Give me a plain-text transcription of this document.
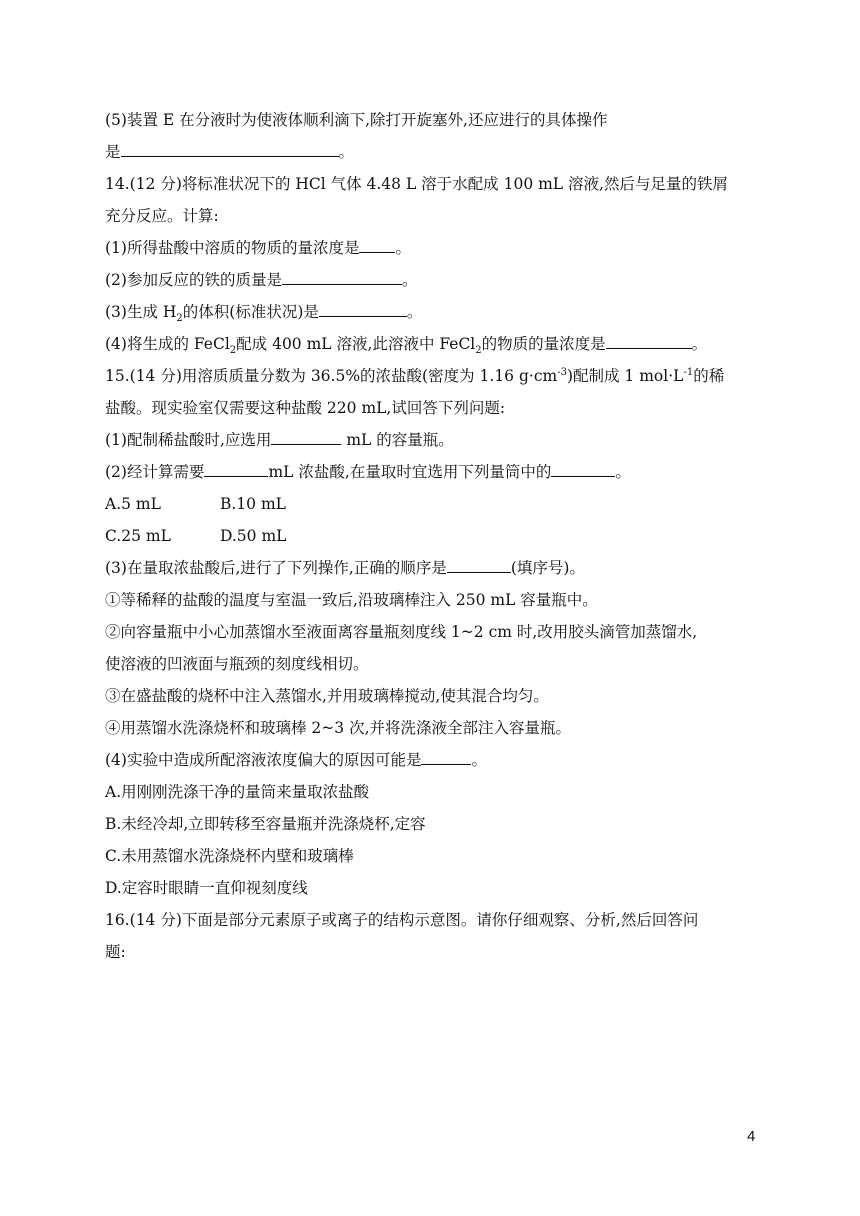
(5)装置 E 在分液时为使液体顺利滴下,除打开旋塞外,还应进行的具体操作
是	。
14.(12 分)将标准状况下的 HCl 气体 4.48 L 溶于水配成 100 mL 溶液,然后与足量的铁屑
充分反应。计算:
(1)所得盐酸中溶质的物质的量浓度是 。
(2)参加反应的铁的质量是	。
(3)生成 $H_2$的体积(标准状况)是	。
(4)将生成的 FeCl$_2$配成 400 mL 溶液,此溶液中 FeCl$_2$的物质的量浓度是	。
15.(14 分)用溶质质量分数为 36.5%的浓盐酸(密度为 1.16 $g\cdot cm^{-3}$)配制成 1 $mol\cdot L^{-1}$的稀
盐酸。现实验室仅需要这种盐酸 220 mL,试回答下列问题:
(1)配制稀盐酸时,应选用	mL 的容量瓶。
(2)经计算需要	mL 浓盐酸,在量取时宜选用下列量筒中的	。
A.5 mL	B.10 mL
C.25 mL	D.50 mL
(3)在量取浓盐酸后,进行了下列操作,正确的顺序是	(填序号)。
①等稀释的盐酸的温度与室温一致后,沿玻璃棒注入 250 mL 容量瓶中。
②向容量瓶中小心加蒸馏水至液面离容量瓶刻度线 1~2 cm 时,改用胶头滴管加蒸馏水,
使溶液的凹液面与瓶颈的刻度线相切。
③在盛盐酸的烧杯中注入蒸馏水,并用玻璃棒搅动,使其混合均匀。
④用蒸馏水洗涤烧杯和玻璃棒 2~3 次,并将洗涤液全部注入容量瓶。
(4)实验中造成所配溶液浓度偏大的原因可能是	。
A.用刚刚洗涤干净的量筒来量取浓盐酸
B.未经冷却,立即转移至容量瓶并洗涤烧杯,定容
C.未用蒸馏水洗涤烧杯内壁和玻璃棒
D.定容时眼睛一直仰视刻度线
16.(14 分)下面是部分元素原子或离子的结构示意图。请你仔细观察、分析,然后回答问
题:
4
